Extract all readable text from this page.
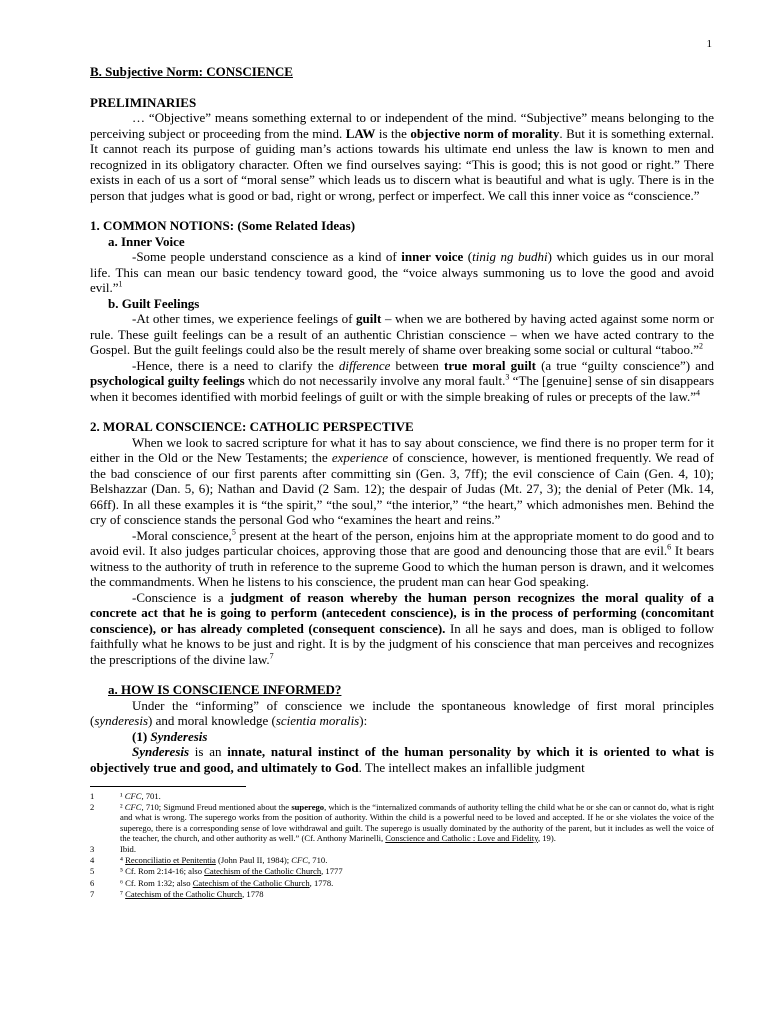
1

B. Subjective Norm: CONSCIENCE

PRELIMINARIES

… “Objective” means something external to or independent of the mind. “Subjective” means belonging to the perceiving subject or proceeding from the mind. LAW is the objective norm of morality. But it is something external. It cannot reach its purpose of guiding man’s actions towards his ultimate end unless the law is known to men and recognized in its obligatory character. Often we find ourselves saying: “This is good; this is not good or right.” There exists in each of us a sort of “moral sense” which leads us to discern what is beautiful and what is ugly. There is in the person that judges what is good or bad, right or wrong, perfect or imperfect. We call this inner voice as “conscience.”

1. COMMON NOTIONS: (Some Related Ideas)

a. Inner Voice

-Some people understand conscience as a kind of inner voice (tinig ng budhi) which guides us in our moral life. This can mean our basic tendency toward good, the “voice always summoning us to love the good and avoid evil.”$^1$

b. Guilt Feelings

-At other times, we experience feelings of guilt – when we are bothered by having acted against some norm or rule. These guilt feelings can be a result of an authentic Christian conscience – when we have acted contrary to the Gospel. But the guilt feelings could also be the result merely of shame over breaking some social or cultural “taboo.”$^2$

-Hence, there is a need to clarify the difference between true moral guilt (a true “guilty conscience”) and psychological guilty feelings which do not necessarily involve any moral fault.$^3$ “The [genuine] sense of sin disappears when it becomes identified with morbid feelings of guilt or with the simple breaking of rules or precepts of the law.”$^4$

2. MORAL CONSCIENCE: CATHOLIC PERSPECTIVE

When we look to sacred scripture for what it has to say about conscience, we find there is no proper term for it either in the Old or the New Testaments; the experience of conscience, however, is mentioned frequently. We read of the bad conscience of our first parents after committing sin (Gen. 3, 7ff); the evil conscience of Cain (Gen. 4, 10); Belshazzar (Dan. 5, 6); Nathan and David (2 Sam. 12); the despair of Judas (Mt. 27, 3); the denial of Peter (Mk. 14, 66ff). In all these examples it is “the spirit,” “the soul,” “the interior,” “the heart,” which admonishes men. Behind the cry of conscience stands the personal God who “examines the heart and reins.”

-Moral conscience,$^5$ present at the heart of the person, enjoins him at the appropriate moment to do good and to avoid evil. It also judges particular choices, approving those that are good and denouncing those that are evil.$^6$ It bears witness to the authority of truth in reference to the supreme Good to which the human person is drawn, and it welcomes the commandments. When he listens to his conscience, the prudent man can hear God speaking.

-Conscience is a judgment of reason whereby the human person recognizes the moral quality of a concrete act that he is going to perform (antecedent conscience), is in the process of performing (concomitant conscience), or has already completed (consequent conscience). In all he says and does, man is obliged to follow faithfully what he knows to be just and right. It is by the judgment of his conscience that man perceives and recognizes the prescriptions of the divine law.$^7$

a. HOW IS CONSCIENCE INFORMED?

Under the “informing” of conscience we include the spontaneous knowledge of first moral principles (synderesis) and moral knowledge (scientia moralis):

(1) Synderesis

Synderesis is an innate, natural instinct of the human personality by which it is oriented to what is objectively true and good, and ultimately to God. The intellect makes an infallible judgment

1	¹ CFC, 701.
2	² CFC, 710; Sigmund Freud mentioned about the superego, which is the “internalized commands of authority telling the child what he or she can or cannot do, what is right and what is wrong. The superego works from the position of authority. Within the child is a powerful need to be loved and accepted. If he or she violates the voice of the superego, there is a corresponding sense of love withdrawal and guilt. The superego is usually dominated by the authority of the parent, but it includes as well the voice of the teacher, the church, and other authority as well.” (Cf. Anthony Marinelli, Conscience and Catholic : Love and Fidelity, 19).
3	Ibid.
4	⁴ Reconciliatio et Penitentia (John Paul II, 1984); CFC, 710.
5	⁵ Cf. Rom 2:14-16; also Catechism of the Catholic Church, 1777
6	⁶ Cf. Rom 1:32; also Catechism of the Catholic Church, 1778.
7	⁷ Catechism of the Catholic Church, 1778
